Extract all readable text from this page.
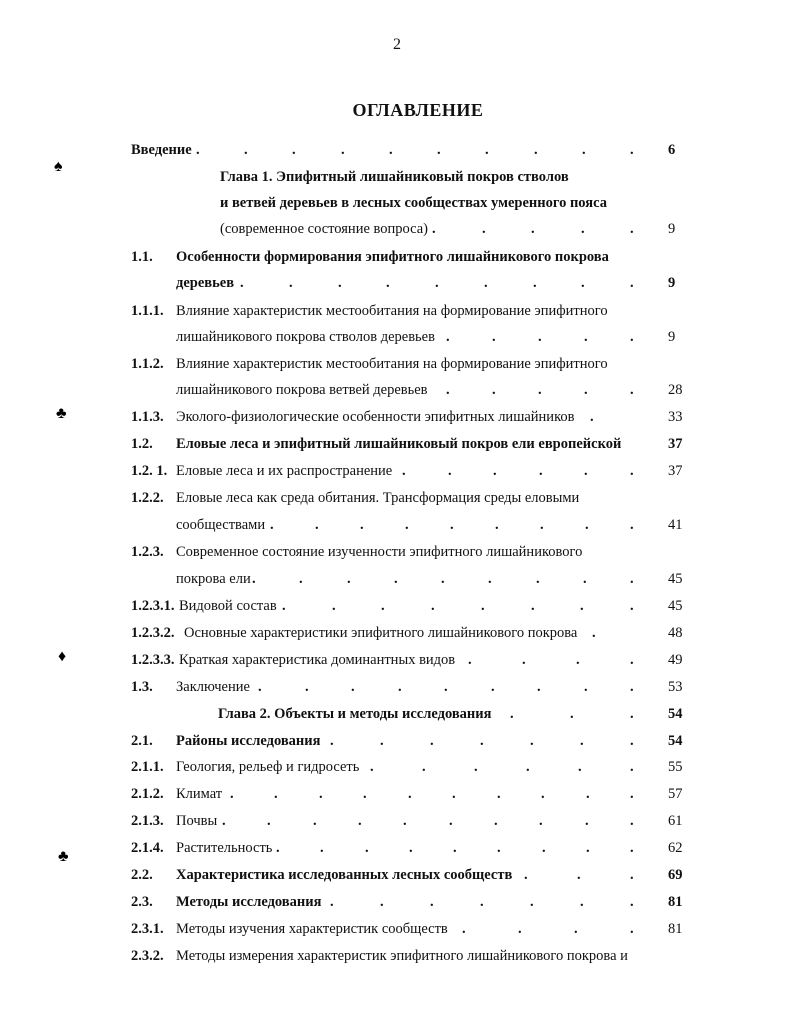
2
ОГЛАВЛЕНИЕ
♠
♣
♦
♣
Введение .	.	.	.	.	.	.	.	.	. 6
Глава 1. Эпифитный лишайниковый покров стволов
и ветвей деревьев в лесных сообществах умеренного пояса
(современное состояние вопроса) .	.	.	.	. 9
1.1. Особенности формирования эпифитного лишайникового покрова
деревьев .	.	.	.	.	.	.	.	. 9
1.1.1. Влияние характеристик местообитания на формирование эпифитного
лишайникового покрова стволов деревьев .	.	.	.	. 9
1.1.2. Влияние характеристик местообитания на формирование эпифитного
лишайникового покрова ветвей деревьев .	.	.	.	. 28
1.1.3. Эколого-физиологические особенности эпифитных лишайников .	33
1.2. Еловые леса и эпифитный лишайниковый покров ели европейской	37
1.2. 1. Еловые леса и их распространение .	.	.	.	.	. 37
1.2.2. Еловые леса как среда обитания. Трансформация среды еловыми
сообществами .	.	.	.	.	.	.	.	. 41
1.2.3. Современное состояние изученности эпифитного лишайникового
покрова ели .	.	.	.	.	.	.	.	. 45
1.2.3.1. Видовой состав .	.	.	.	.	.	.	. 45
1.2.3.2. Основные характеристики эпифитного лишайникового покрова .	48
1.2.3.3. Краткая характеристика доминантных видов .	.	.	. 49
1.3. Заключение .	.	.	.	.	.	.	.	. 53
Глава 2. Объекты и методы исследования .	.	. 54
2.1. Районы исследования .	.	.	.	.	.	. 54
2.1.1. Геология, рельеф и гидросеть .	.	.	.	.	. 55
2.1.2. Климат .	.	.	.	.	.	.	.	.	. 57
2.1.3. Почвы .	.	.	.	.	.	.	.	.	. 61
2.1.4. Растительность .	.	.	.	.	.	.	.	. 62
2.2. Характеристика исследованных лесных сообществ .	.	. 69
2.3. Методы исследования .	.	.	.	.	.	. 81
2.3.1. Методы изучения характеристик сообществ .	.	.	. 81
2.3.2. Методы измерения характеристик эпифитного лишайникового покрова и
